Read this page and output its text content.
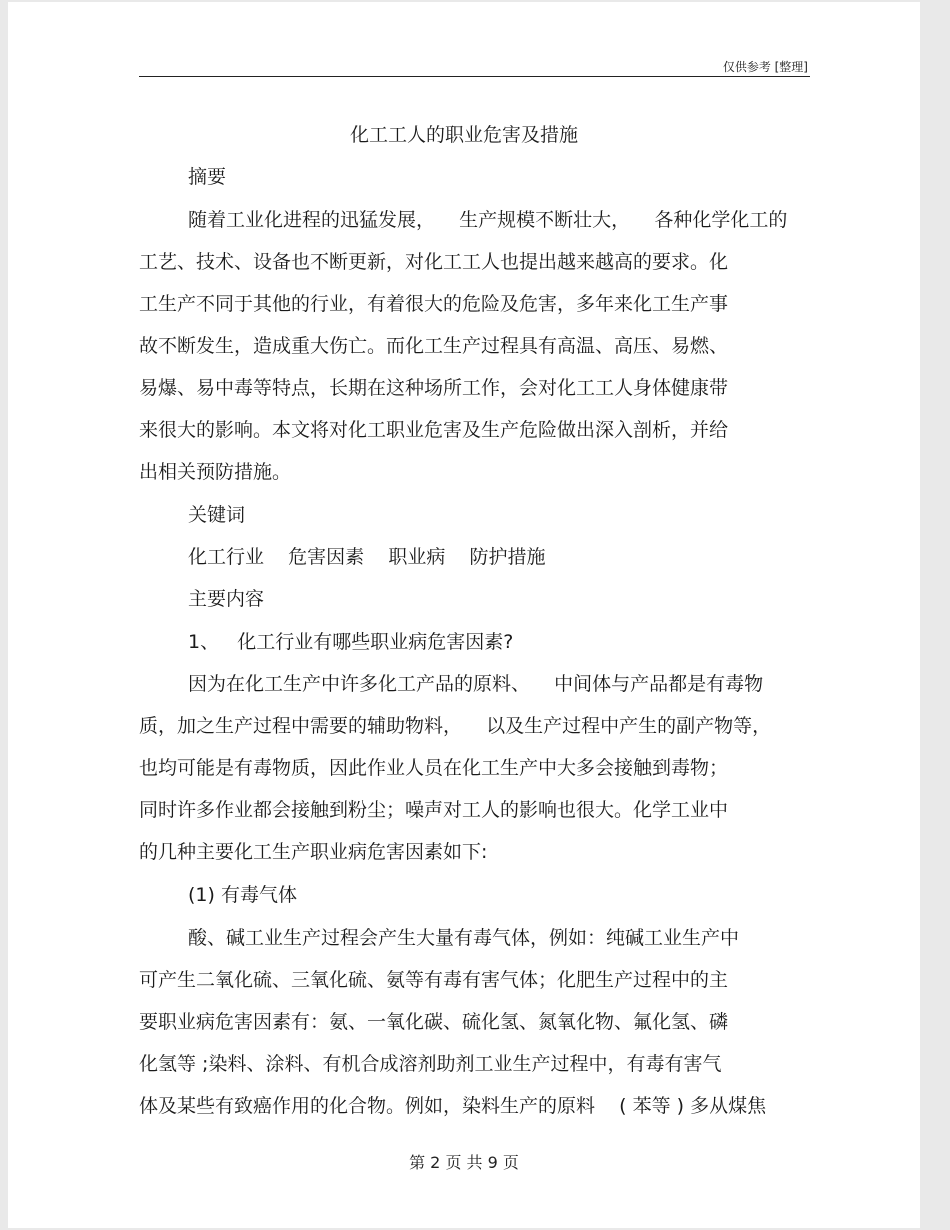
仅供参考 [整理]
化工工人的职业危害及措施
摘要
随着工业化进程的迅猛发展，    生产规模不断壮大，    各种化学化工的
工艺、技术、设备也不断更新，对化工工人也提出越来越高的要求。化
工生产不同于其他的行业，有着很大的危险及危害，多年来化工生产事
故不断发生，造成重大伤亡。而化工生产过程具有高温、高压、易燃、
易爆、易中毒等特点，长期在这种场所工作，会对化工工人身体健康带
来很大的影响。本文将对化工职业危害及生产危险做出深入剖析，并给
出相关预防措施。
关键词
化工行业    危害因素    职业病    防护措施
主要内容
1、   化工行业有哪些职业病危害因素?
因为在化工生产中许多化工产品的原料、    中间体与产品都是有毒物
质，加之生产过程中需要的辅助物料，    以及生产过程中产生的副产物等，
也均可能是有毒物质，因此作业人员在化工生产中大多会接触到毒物；
同时许多作业都会接触到粉尘；噪声对工人的影响也很大。化学工业中
的几种主要化工生产职业病危害因素如下:
(1) 有毒气体
酸、碱工业生产过程会产生大量有毒气体，例如：纯碱工业生产中
可产生二氧化硫、三氧化硫、氨等有毒有害气体；化肥生产过程中的主
要职业病危害因素有：氨、一氧化碳、硫化氢、氮氧化物、氟化氢、磷
化氢等 ;染料、涂料、有机合成溶剂助剂工业生产过程中，有毒有害气
体及某些有致癌作用的化合物。例如，染料生产的原料    ( 苯等 ) 多从煤焦
第 2 页 共 9 页
